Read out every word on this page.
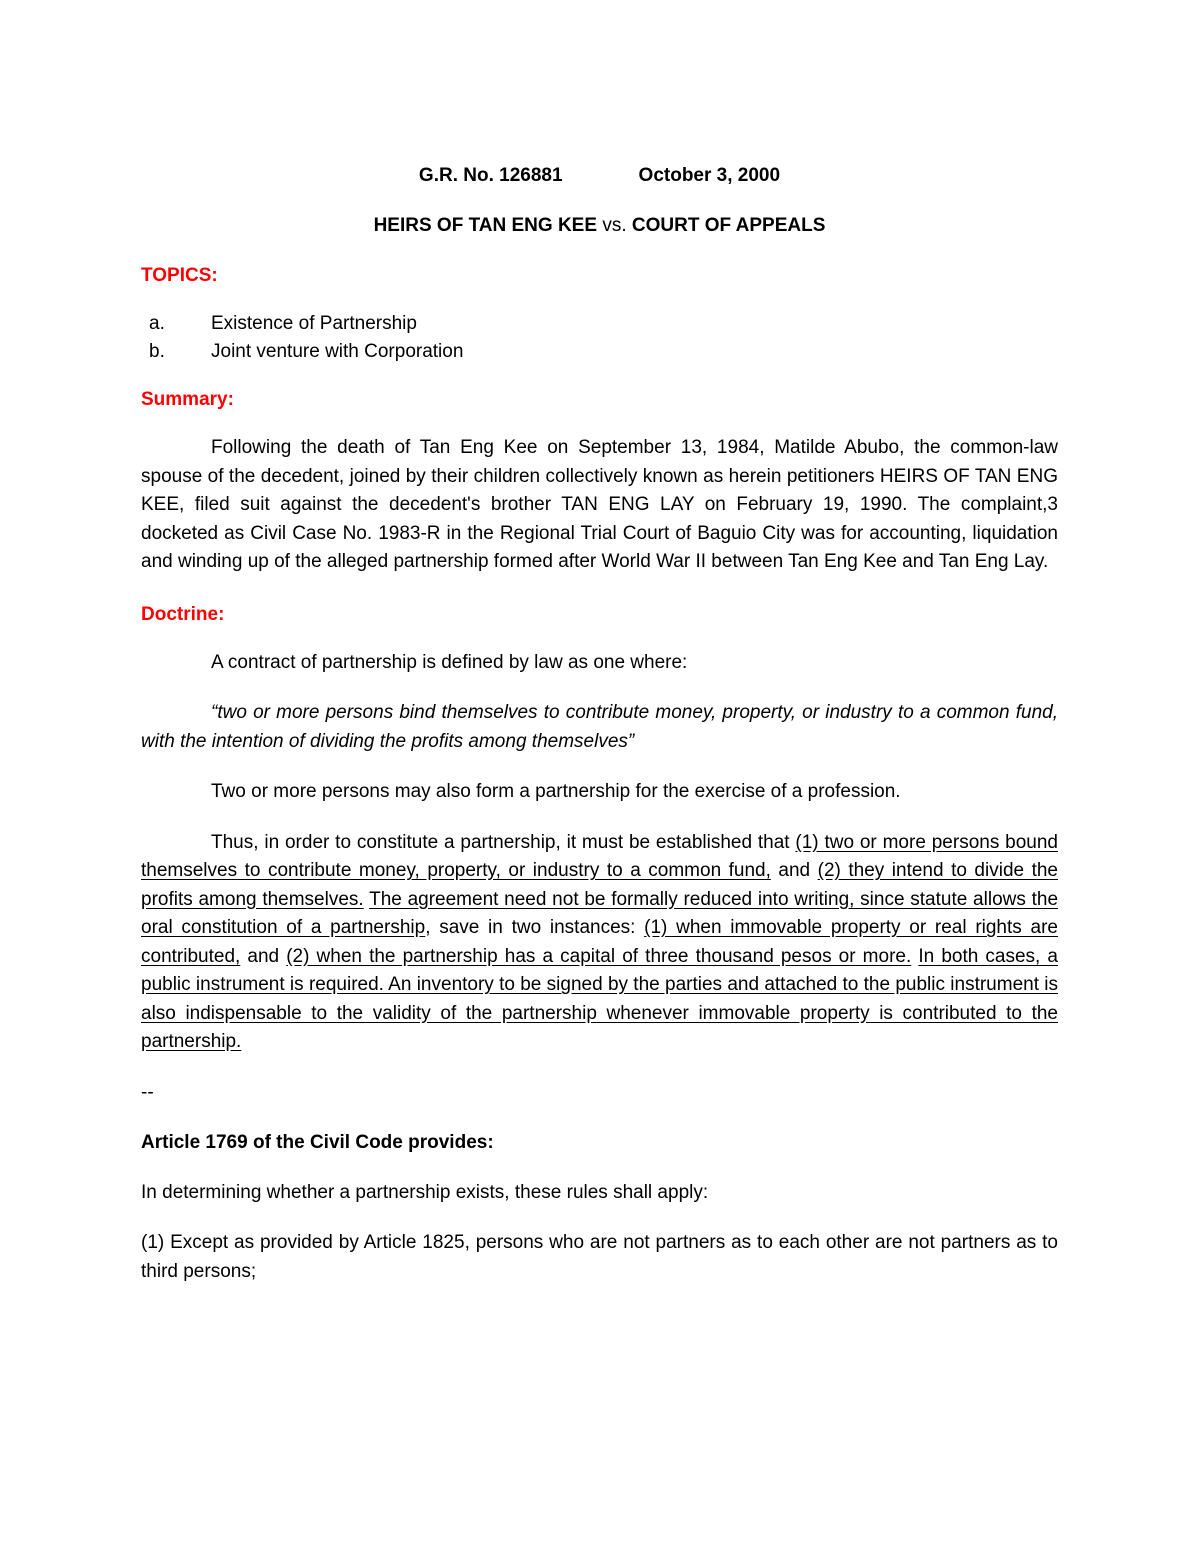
G.R. No. 126881	October 3, 2000
HEIRS OF TAN ENG KEE vs. COURT OF APPEALS
TOPICS:
a. Existence of Partnership
b. Joint venture with Corporation
Summary:

Following the death of Tan Eng Kee on September 13, 1984, Matilde Abubo, the common-law spouse of the decedent, joined by their children collectively known as herein petitioners HEIRS OF TAN ENG KEE, filed suit against the decedent's brother TAN ENG LAY on February 19, 1990. The complaint,3 docketed as Civil Case No. 1983-R in the Regional Trial Court of Baguio City was for accounting, liquidation and winding up of the alleged partnership formed after World War II between Tan Eng Kee and Tan Eng Lay.

Doctrine:

A contract of partnership is defined by law as one where:

“two or more persons bind themselves to contribute money, property, or industry to a common fund, with the intention of dividing the profits among themselves”

Two or more persons may also form a partnership for the exercise of a profession.

Thus, in order to constitute a partnership, it must be established that (1) two or more persons bound themselves to contribute money, property, or industry to a common fund, and (2) they intend to divide the profits among themselves. The agreement need not be formally reduced into writing, since statute allows the oral constitution of a partnership, save in two instances: (1) when immovable property or real rights are contributed, and (2) when the partnership has a capital of three thousand pesos or more. In both cases, a public instrument is required. An inventory to be signed by the parties and attached to the public instrument is also indispensable to the validity of the partnership whenever immovable property is contributed to the partnership.

--
Article 1769 of the Civil Code provides:

In determining whether a partnership exists, these rules shall apply:

(1) Except as provided by Article 1825, persons who are not partners as to each other are not partners as to third persons;
